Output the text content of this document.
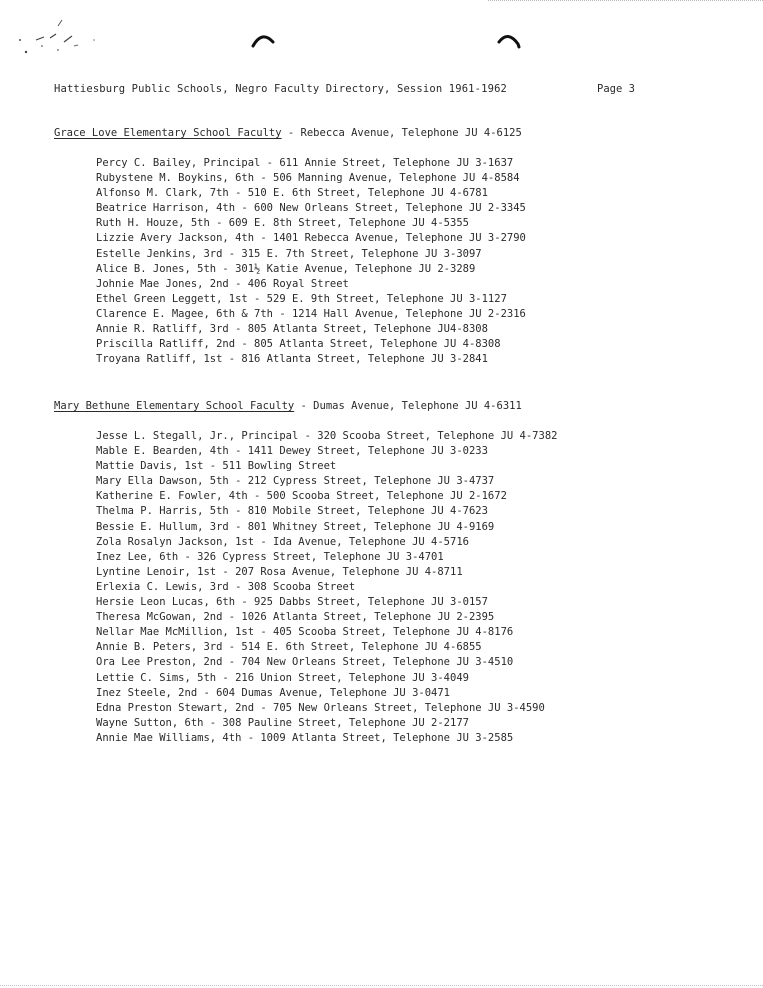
Hattiesburg Public Schools, Negro Faculty Directory, Session 1961-1962	Page 3
Grace Love Elementary School Faculty - Rebecca Avenue, Telephone JU 4-6125
Percy C. Bailey, Principal - 611 Annie Street, Telephone JU 3-1637
Rubystene M. Boykins, 6th - 506 Manning Avenue, Telephone JU 4-8584
Alfonso M. Clark, 7th - 510 E. 6th Street, Telephone JU 4-6781
Beatrice Harrison, 4th - 600 New Orleans Street, Telephone JU 2-3345
Ruth H. Houze, 5th - 609 E. 8th Street, Telephone JU 4-5355
Lizzie Avery Jackson, 4th - 1401 Rebecca Avenue, Telephone JU 3-2790
Estelle Jenkins, 3rd - 315 E. 7th Street, Telephone JU 3-3097
Alice B. Jones, 5th - 301½ Katie Avenue, Telephone JU 2-3289
Johnie Mae Jones, 2nd - 406 Royal Street
Ethel Green Leggett, 1st - 529 E. 9th Street, Telephone JU 3-1127
Clarence E. Magee, 6th & 7th - 1214 Hall Avenue, Telephone JU 2-2316
Annie R. Ratliff, 3rd - 805 Atlanta Street, Telephone JU4-8308
Priscilla Ratliff, 2nd - 805 Atlanta Street, Telephone JU 4-8308
Troyana Ratliff, 1st - 816 Atlanta Street, Telephone JU 3-2841
Mary Bethune Elementary School Faculty - Dumas Avenue, Telephone JU 4-6311
Jesse L. Stegall, Jr., Principal - 320 Scooba Street, Telephone JU 4-7382
Mable E. Bearden, 4th - 1411 Dewey Street, Telephone JU 3-0233
Mattie Davis, 1st - 511 Bowling Street
Mary Ella Dawson, 5th - 212 Cypress Street, Telephone JU 3-4737
Katherine E. Fowler, 4th - 500 Scooba Street, Telephone JU 2-1672
Thelma P. Harris, 5th - 810 Mobile Street, Telephone JU 4-7623
Bessie E. Hullum, 3rd - 801 Whitney Street, Telephone JU 4-9169
Zola Rosalyn Jackson, 1st - Ida Avenue, Telephone JU 4-5716
Inez Lee, 6th - 326 Cypress Street, Telephone JU 3-4701
Lyntine Lenoir, 1st - 207 Rosa Avenue, Telephone JU 4-8711
Erlexia C. Lewis, 3rd - 308 Scooba Street
Hersie Leon Lucas, 6th - 925 Dabbs Street, Telephone JU 3-0157
Theresa McGowan, 2nd - 1026 Atlanta Street, Telephone JU 2-2395
Nellar Mae McMillion, 1st - 405 Scooba Street, Telephone JU 4-8176
Annie B. Peters, 3rd - 514 E. 6th Street, Telephone JU 4-6855
Ora Lee Preston, 2nd - 704 New Orleans Street, Telephone JU 3-4510
Lettie C. Sims, 5th - 216 Union Street, Telephone JU 3-4049
Inez Steele, 2nd - 604 Dumas Avenue, Telephone JU 3-0471
Edna Preston Stewart, 2nd - 705 New Orleans Street, Telephone JU 3-4590
Wayne Sutton, 6th - 308 Pauline Street, Telephone JU 2-2177
Annie Mae Williams, 4th - 1009 Atlanta Street, Telephone JU 3-2585
